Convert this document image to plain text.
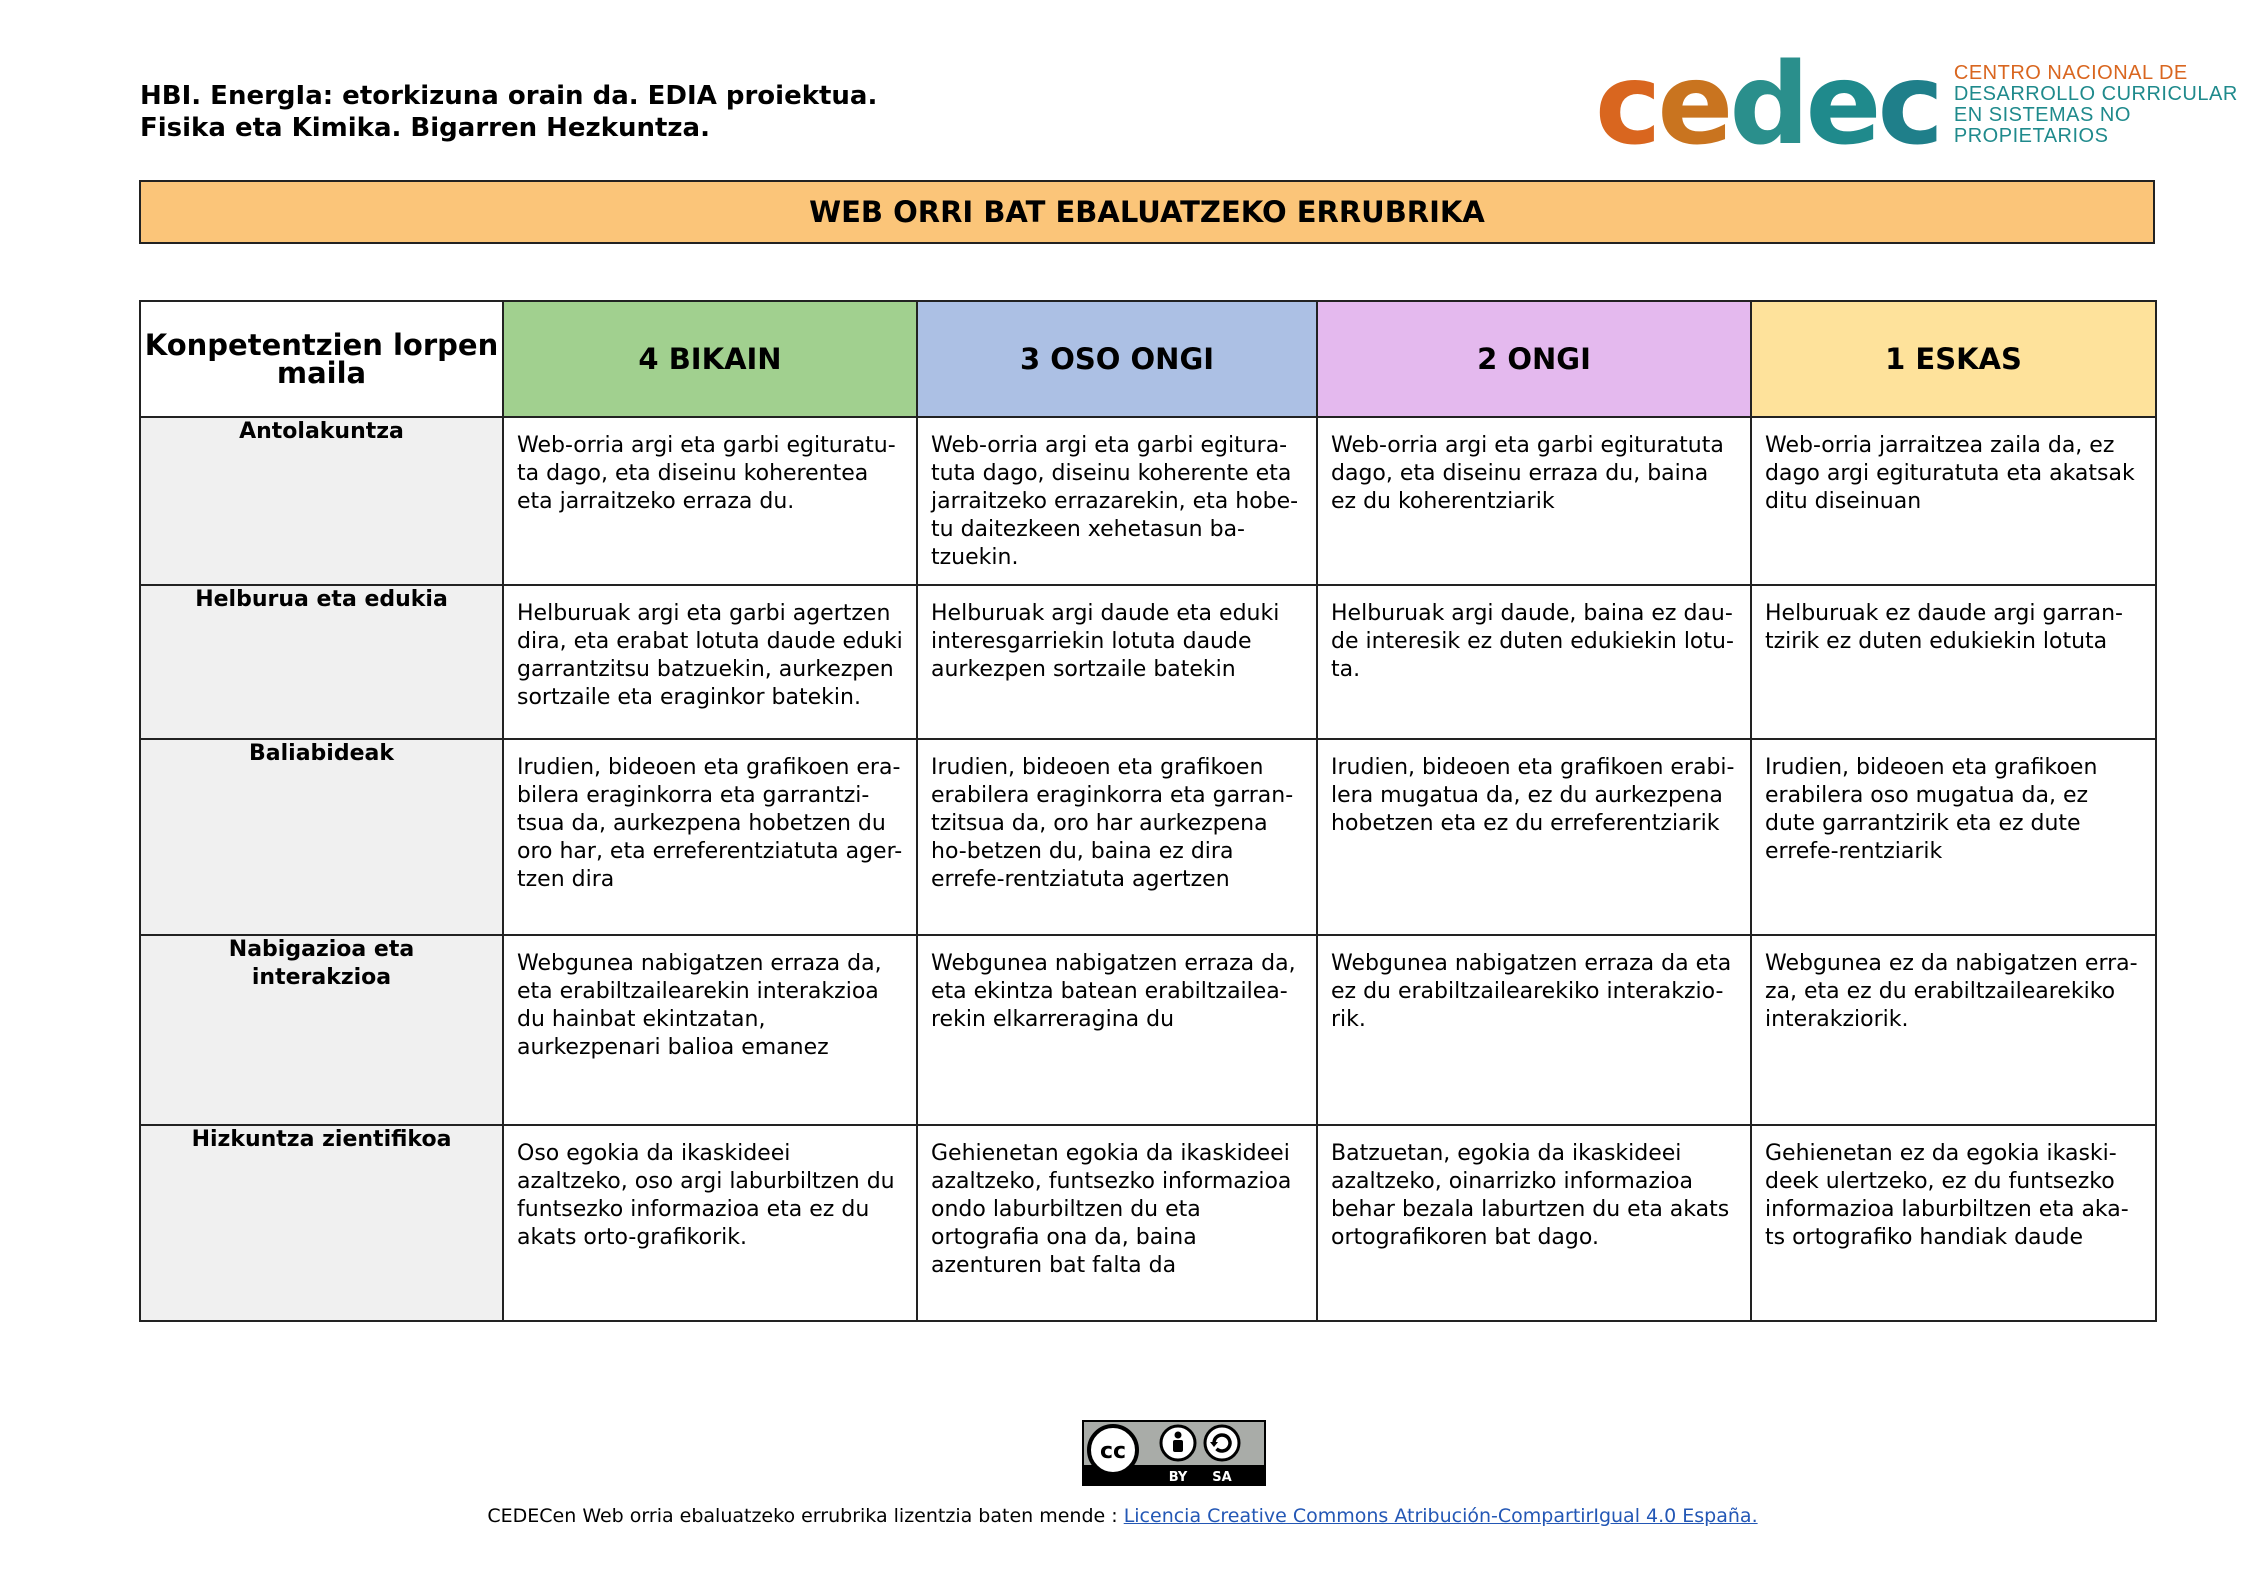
HBI. EnergIa: etorkizuna orain da. EDIA proiektua.
Fisika eta Kimika. Bigarren Hezkuntza.	cedec CENTRO NACIONAL DE
DESARROLLO CURRICULAR
EN SISTEMAS NO PROPIETARIOS
WEB ORRI BAT EBALUATZEKO ERRUBRIKA
Konpetentzien lorpen maila	4 BIKAIN	3 OSO ONGI	2 ONGI	1 ESKAS
Antolakuntza	Web-orria argi eta garbi egituratu-ta dago, eta diseinu koherentea eta jarraitzeko erraza du.	Web-orria argi eta garbi egitura-tuta dago, diseinu koherente eta jarraitzeko errazarekin, eta hobe-tu daitezkeen xehetasun ba-tzuekin.	Web-orria argi eta garbi egituratuta dago, eta diseinu erraza du, baina ez du koherentziarik	Web-orria jarraitzea zaila da, ez dago argi egituratuta eta akatsak ditu diseinuan
Helburua eta edukia	Helburuak argi eta garbi agertzen dira, eta erabat lotuta daude eduki garrantzitsu batzuekin, aurkezpen sortzaile eta eraginkor batekin.	Helburuak argi daude eta eduki interesgarriekin lotuta daude aurkezpen sortzaile batekin	Helburuak argi daude, baina ez dau-de interesik ez duten edukiekin lotu-ta.	Helburuak ez daude argi garran-tzirik ez duten edukiekin lotuta
Baliabideak	Irudien, bideoen eta grafikoen era-bilera eraginkorra eta garrantzi-tsua da, aurkezpena hobetzen du oro har, eta erreferentziatuta ager-tzen dira	Irudien, bideoen eta grafikoen erabilera eraginkorra eta garran-tzitsua da, oro har aurkezpena ho-betzen du, baina ez dira errefe-rentziatuta agertzen	Irudien, bideoen eta grafikoen erabi-lera mugatua da, ez du aurkezpena hobetzen eta ez du erreferentziarik	Irudien, bideoen eta grafikoen erabilera oso mugatua da, ez dute garrantzirik eta ez dute errefe-rentziarik
Nabigazioa eta interakzioa	Webgunea nabigatzen erraza da, eta erabiltzailearekin interakzioa du hainbat ekintzatan, aurkezpenari balioa emanez	Webgunea nabigatzen erraza da, eta ekintza batean erabiltzailea-rekin elkarreragina du	Webgunea nabigatzen erraza da eta ez du erabiltzailearekiko interakzio-rik.	Webgunea ez da nabigatzen erra-za, eta ez du erabiltzailearekiko interakziorik.
Hizkuntza zientifikoa	Oso egokia da ikaskideei azaltzeko, oso argi laburbiltzen du funtsezko informazioa eta ez du akats orto-grafikorik.	Gehienetan egokia da ikaskideei azaltzeko, funtsezko informazioa ondo laburbiltzen du eta ortografia ona da, baina azenturen bat falta da	Batzuetan, egokia da ikaskideei azaltzeko, oinarrizko informazioa behar bezala laburtzen du eta akats ortografikoren bat dago.	Gehienetan ez da egokia ikaski-deek ulertzeko, ez du funtsezko informazioa laburbiltzen eta aka-ts ortografiko handiak daude
cc
BY SA
CEDECen Web orria ebaluatzeko errubrika lizentzia baten mende : Licencia Creative Commons Atribución-CompartirIgual 4.0 España.
